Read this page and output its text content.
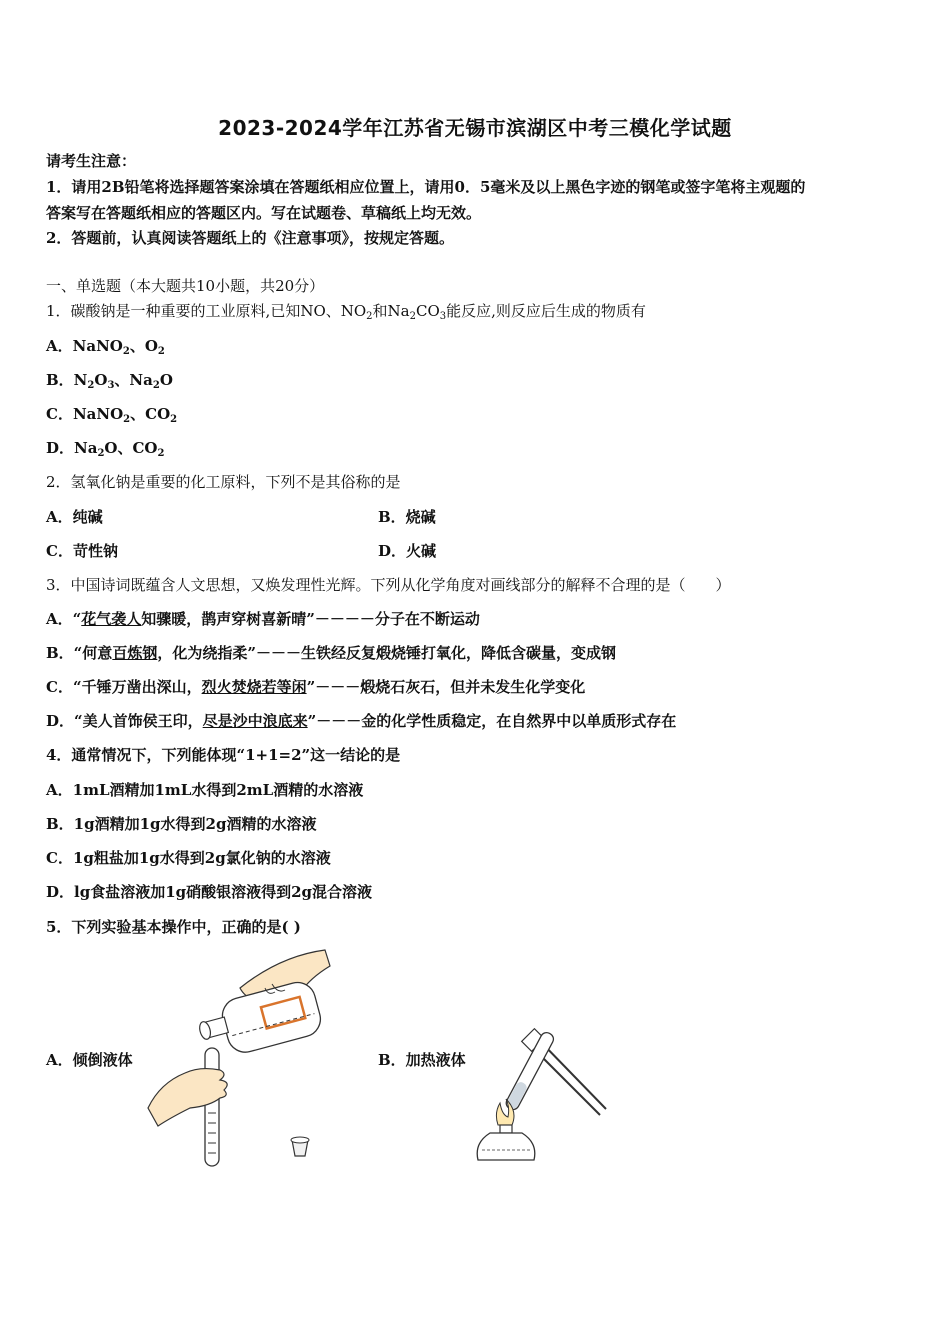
2023-2024学年江苏省无锡市滨湖区中考三模化学试题
请考生注意：
1．请用2B铅笔将选择题答案涂填在答题纸相应位置上，请用0．5毫米及以上黑色字迹的钢笔或签字笔将主观题的
答案写在答题纸相应的答题区内。写在试题卷、草稿纸上均无效。
2．答题前，认真阅读答题纸上的《注意事项》，按规定答题。
一、单选题（本大题共10小题，共20分）
1．碳酸钠是一种重要的工业原料,已知NO、$NO_2$和$Na_2CO_3$能反应,则反应后生成的物质有
A．NaNO$_2$、$O_2$
B．$N_2O_3$、$Na_2O$
C．NaNO$_2$、$CO_2$
D．$Na_2O$、$CO_2$
2．氢氧化钠是重要的化工原料，下列不是其俗称的是
A．纯碱	B．烧碱
C．苛性钠	D．火碱
3．中国诗词既蕴含人文思想，又焕发理性光辉。下列从化学角度对画线部分的解释不合理的是（　　）
A．“花气袭人知骤暖，鹊声穿树喜新晴”－－－－分子在不断运动
B．“何意百炼钢，化为绕指柔”－－－生铁经反复煅烧锤打氧化，降低含碳量，变成钢
C．“千锤万凿出深山，烈火焚烧若等闲”－－－煅烧石灰石，但并未发生化学变化
D．“美人首饰侯王印，尽是沙中浪底来”－－－金的化学性质稳定，在自然界中以单质形式存在
4．通常情况下，下列能体现“1+1=2”这一结论的是
A．1mL酒精加1mL水得到2mL酒精的水溶液
B．1g酒精加1g水得到2g酒精的水溶液
C．1g粗盐加1g水得到2g氯化钠的水溶液
D．lg食盐溶液加1g硝酸银溶液得到2g混合溶液
5．下列实验基本操作中，正确的是( )
A．倾倒液体	B．加热液体
